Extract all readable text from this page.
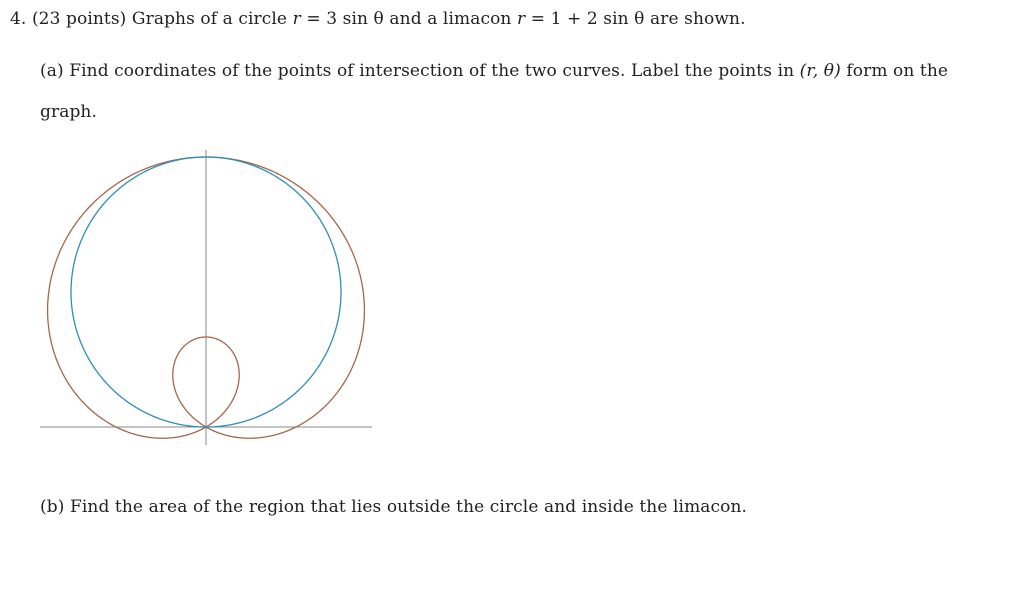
4. (23 points) Graphs of a circle r = 3 sin θ and a limacon r = 1 + 2 sin θ are shown.
(a) Find coordinates of the points of intersection of the two curves. Label the points in (r, θ) form on the
graph.
(b) Find the area of the region that lies outside the circle and inside the limacon.
